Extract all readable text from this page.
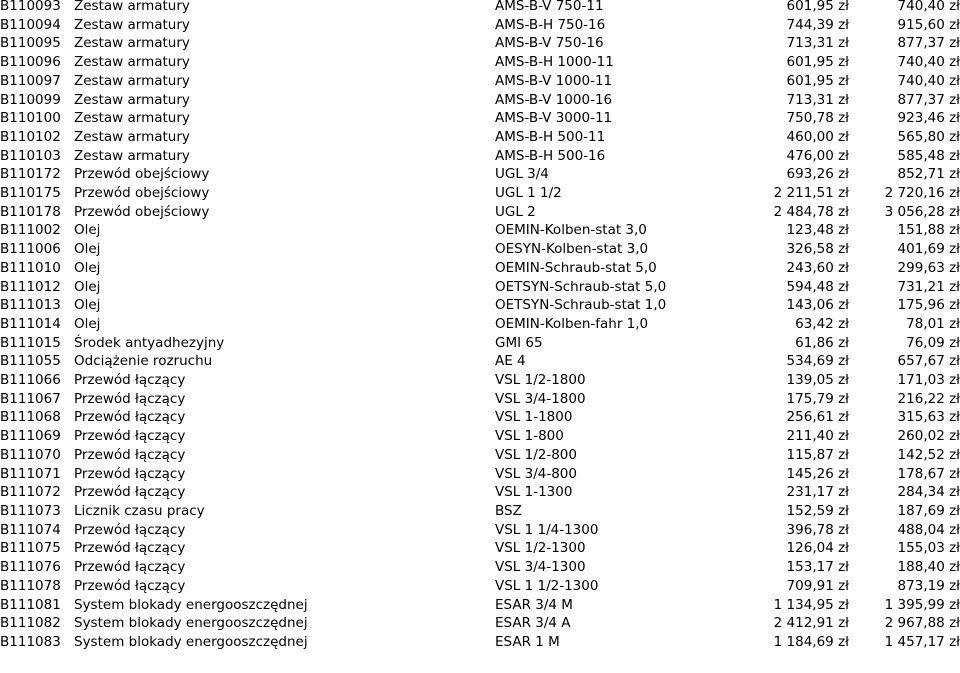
B110093	Zestaw armatury	AMS-B-V 750-11	601,95 zł	740,40 zł
B110094	Zestaw armatury	AMS-B-H 750-16	744,39 zł	915,60 zł
B110095	Zestaw armatury	AMS-B-V 750-16	713,31 zł	877,37 zł
B110096	Zestaw armatury	AMS-B-H 1000-11	601,95 zł	740,40 zł
B110097	Zestaw armatury	AMS-B-V 1000-11	601,95 zł	740,40 zł
B110099	Zestaw armatury	AMS-B-V 1000-16	713,31 zł	877,37 zł
B110100	Zestaw armatury	AMS-B-V 3000-11	750,78 zł	923,46 zł
B110102	Zestaw armatury	AMS-B-H 500-11	460,00 zł	565,80 zł
B110103	Zestaw armatury	AMS-B-H 500-16	476,00 zł	585,48 zł
B110172	Przewód obejściowy	UGL 3/4	693,26 zł	852,71 zł
B110175	Przewód obejściowy	UGL 1 1/2	2 211,51 zł	2 720,16 zł
B110178	Przewód obejściowy	UGL 2	2 484,78 zł	3 056,28 zł
B111002	Olej	OEMIN-Kolben-stat 3,0	123,48 zł	151,88 zł
B111006	Olej	OESYN-Kolben-stat 3,0	326,58 zł	401,69 zł
B111010	Olej	OEMIN-Schraub-stat 5,0	243,60 zł	299,63 zł
B111012	Olej	OETSYN-Schraub-stat 5,0	594,48 zł	731,21 zł
B111013	Olej	OETSYN-Schraub-stat 1,0	143,06 zł	175,96 zł
B111014	Olej	OEMIN-Kolben-fahr 1,0	63,42 zł	78,01 zł
B111015	Środek antyadhezyjny	GMI 65	61,86 zł	76,09 zł
B111055	Odciążenie rozruchu	AE 4	534,69 zł	657,67 zł
B111066	Przewód łączący	VSL 1/2-1800	139,05 zł	171,03 zł
B111067	Przewód łączący	VSL 3/4-1800	175,79 zł	216,22 zł
B111068	Przewód łączący	VSL 1-1800	256,61 zł	315,63 zł
B111069	Przewód łączący	VSL 1-800	211,40 zł	260,02 zł
B111070	Przewód łączący	VSL 1/2-800	115,87 zł	142,52 zł
B111071	Przewód łączący	VSL 3/4-800	145,26 zł	178,67 zł
B111072	Przewód łączący	VSL 1-1300	231,17 zł	284,34 zł
B111073	Licznik czasu pracy	BSZ	152,59 zł	187,69 zł
B111074	Przewód łączący	VSL 1 1/4-1300	396,78 zł	488,04 zł
B111075	Przewód łączący	VSL 1/2-1300	126,04 zł	155,03 zł
B111076	Przewód łączący	VSL 3/4-1300	153,17 zł	188,40 zł
B111078	Przewód łączący	VSL 1 1/2-1300	709,91 zł	873,19 zł
B111081	System blokady energooszczędnej	ESAR 3/4 M	1 134,95 zł	1 395,99 zł
B111082	System blokady energooszczędnej	ESAR 3/4 A	2 412,91 zł	2 967,88 zł
B111083	System blokady energooszczędnej	ESAR 1 M	1 184,69 zł	1 457,17 zł
